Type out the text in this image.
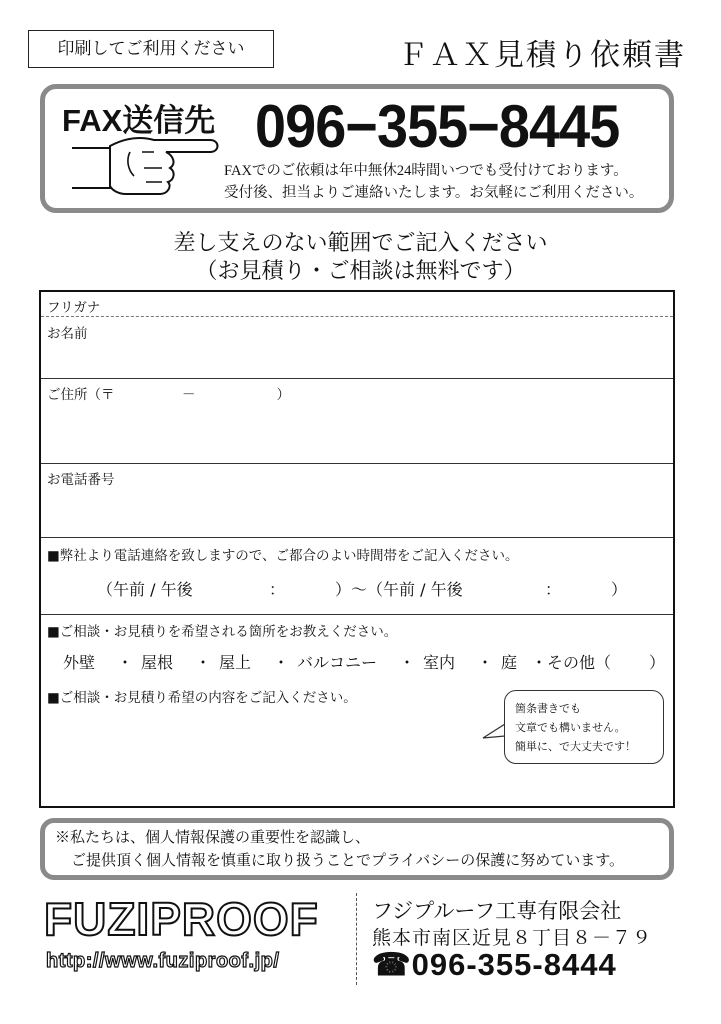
印刷してご利用ください	ＦＡＸ見積り依頼書
FAX送信先 096−355−8445
FAXでのご依頼は年中無休24時間いつでも受付けております。
受付後、担当よりご連絡いたします。お気軽にご利用ください。
差し支えのない範囲でご記入ください
（お見積り・ご相談は無料です）
フリガナ
お名前
ご住所（〒　　　　　－　　　　　　）
お電話番号
■弊社より電話連絡を致しますので、ご都合のよい時間帯をご記入ください。
（午前 / 午後	：	）～（午前 / 午後	：	）
■ご相談・お見積りを希望される箇所をお教えください。
外壁 ・ 屋根 ・ 屋上 ・ バルコニー ・ 室内 ・ 庭 ・その他（ ）
■ご相談・お見積り希望の内容をご記入ください。
箇条書きでも
文章でも構いません。
簡単に、で大丈夫です！
※私たちは、個人情報保護の重要性を認識し、
ご提供頂く個人情報を慎重に取り扱うことでプライバシーの保護に努めています。
FUZIPROOF
http://www.fuziproof.jp/
フジプルーフ工専有限会社
熊本市南区近見８丁目８－７９
☎096-355-8444
